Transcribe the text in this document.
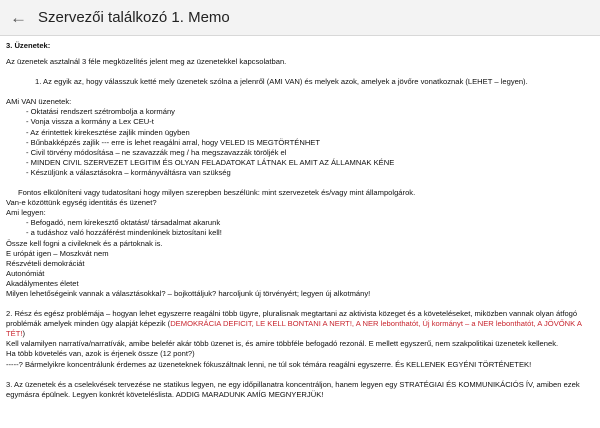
← Szervezői találkozó 1. Memo

3. Üzenetek:

Az üzenetek asztalnál 3 féle megközelítés jelent meg az üzenetekkel kapcsolatban.

1. Az egyik az, hogy válasszuk ketté mely üzenetek szólna a jelenről (AMI VAN) és melyek azok, amelyek a jövőre vonatkoznak (LEHET – legyen).

AMi VAN üzenetek:

- Oktatási rendszert szétrombolja a kormány

- Vonja vissza a kormány a Lex CEU-t

- Az érintettek kirekesztése zajlik minden ügyben

- Bűnbakképzés zajlik --- erre is lehet reagálni arral, hogy VELED IS MEGTÖRTÉNHET

- Civil törvény módosítása – ne szavazzák meg / ha megszavazzák töröljék el

- MINDEN CIVIL SZERVEZET LEGITIM ÉS OLYAN FELADATOKAT LÁTNAK EL AMIT AZ ÁLLAMNAK KÉNE

- Készüljünk a választásokra – kormányváltásra van szükség

Fontos elkülöníteni vagy tudatosítani hogy milyen szerepben beszélünk: mint szervezetek és/vagy mint állampolgárok.

Van-e közöttünk egység identitás és üzenet?

Ami legyen:

- Befogadó, nem kirekesztő oktatást/ társadalmat akarunk

- a tudáshoz való hozzáférést mindenkinek biztosítani kell!

Össze kell fogni a civileknek és a pártoknak is.

E urópát igen – Moszkvát nem

Részvételi demokráciát

Autonómiát

Akadálymentes életet

Milyen lehetőségeink vannak a választásokkal? – bojkottáljuk? harcoljunk új törvényért; legyen új alkotmány!

2. Rész és egész problémája – hogyan lehet egyszerre reagálni több ügyre, pluralisnak megtartani az aktivista közeget és a követeléseket, miközben vannak olyan átfogó problémák amelyek minden ügy alapját képezik (DEMOKRÁCIA DEFICIT, LE KELL BONTANI A NERT!, A NER lebonthatót, Új kormányt – a NER lebonthatót, A JÖVŐNK A TÉT!)

Kell valamilyen narratíva/narratívák, amibe belefér akár több üzenet is, és amire többféle befogadó rezonál. E mellett egyszerű, nem szakpolitikai üzenetek kellenek.

Ha több követelés van, azok is érjenek össze (12 pont?)

-----? Bármelyikre koncentrálunk érdemes az üzeneteknek fókuszáltnak lenni, ne túl sok témára reagálni egyszerre. És KELLENEK EGYÉNI TÖRTÉNETEK!

3. Az üzenetek és a cselekvések tervezése ne statikus legyen, ne egy időpillanatra koncentráljon, hanem legyen egy STRATÉGIAI ÉS KOMMUNIKÁCIÓS ÍV, amiben ezek egymásra épülnek. Legyen konkrét követeléslista. ADDIG MARADUNK AMÍG MEGNYERJÜK!
